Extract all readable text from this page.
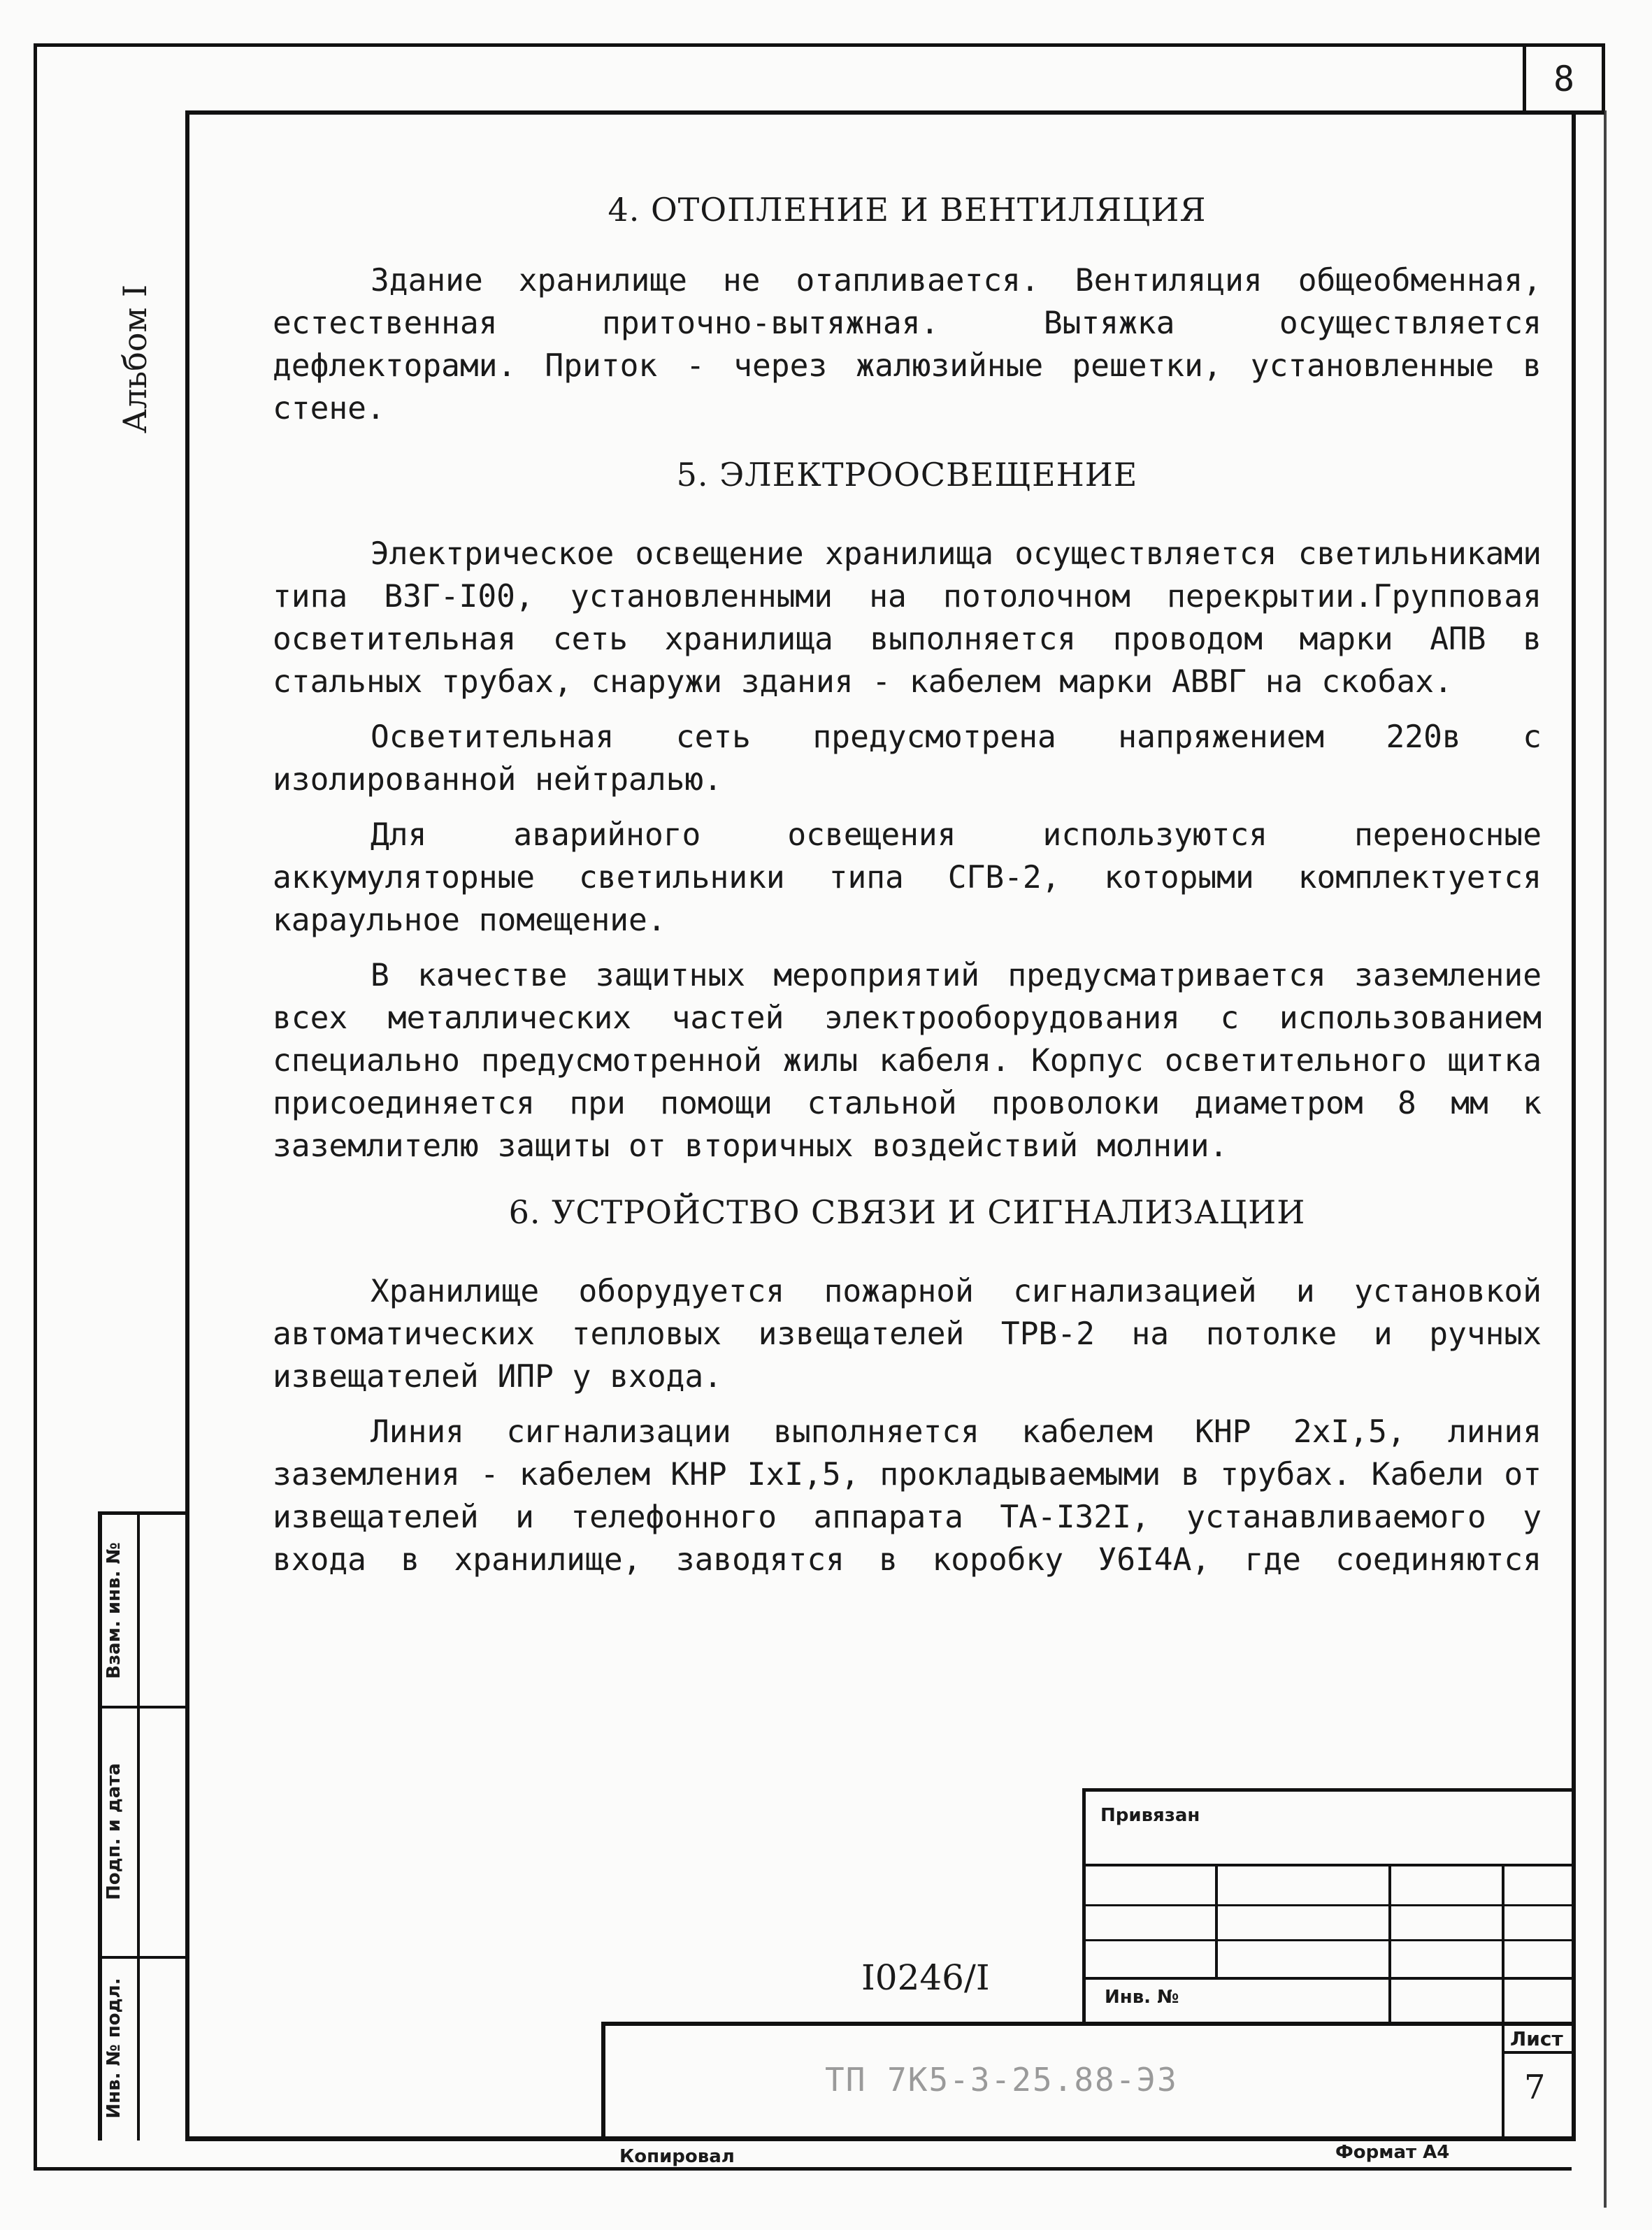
8
Альбом I
Взам. инв. №
Подп. и дата
Инв. № подл.
4. ОТОПЛЕНИЕ И ВЕНТИЛЯЦИЯ

Здание хранилище не отапливается. Вентиляция общеобменная, естественная приточно-вытяжная. Вытяжка осуществляется дефлекторами. Приток - через жалюзийные решетки, установленные в стене.

5. ЭЛЕКТРООСВЕЩЕНИЕ

Электрическое освещение хранилища осуществляется светильниками типа ВЗГ-I00, установленными на потолочном перекрытии.Групповая осветительная сеть хранилища выполняется проводом марки АПВ в стальных трубах, снаружи здания - кабелем марки АВВГ на скобах.

Осветительная сеть предусмотрена напряжением 220в с изолированной нейтралью.

Для аварийного освещения используются переносные аккумуляторные светильники типа СГВ-2, которыми комплектуется караульное помещение.

В качестве защитных мероприятий предусматривается заземление всех металлических частей электрооборудования с использованием специально предусмотренной жилы кабеля. Корпус осветительного щитка присоединяется при помощи стальной проволоки диаметром 8 мм к заземлителю защиты от вторичных воздействий молнии.

6. УСТРОЙСТВО СВЯЗИ И СИГНАЛИЗАЦИИ

Хранилище оборудуется пожарной сигнализацией и установкой автоматических тепловых извещателей ТРВ-2 на потолке и ручных извещателей ИПР у входа.

Линия сигнализации выполняется кабелем КНР 2хI,5, линия заземления - кабелем КНР IхI,5, прокладываемыми в трубах. Кабели от извещателей и телефонного аппарата ТА-I32I, устанавливаемого у входа в хранилище, заводятся в коробку У6I4А, где соединяются

Привязан
Инв. №
Лист
7
I0246/I
ТП 7К5-3-25.88-ЭЗ
Копировал	Формат А4
